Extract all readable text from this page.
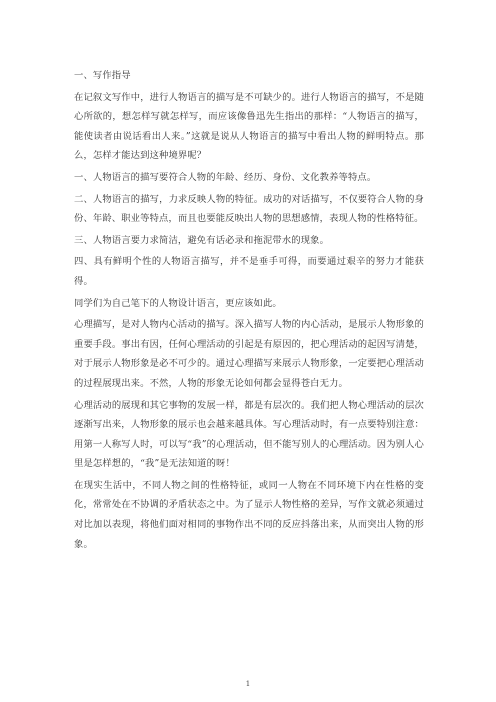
一、写作指导

在记叙文写作中，进行人物语言的描写是不可缺少的。进行人物语言的描写，不是随心所欲的，想怎样写就怎样写，而应该像鲁迅先生指出的那样：“人物语言的描写，能使读者由说话看出人来。”这就是说从人物语言的描写中看出人物的鲜明特点。那么，怎样才能达到这种境界呢？

一、人物语言的描写要符合人物的年龄、经历、身份、文化教养等特点。

二、人物语言的描写，力求反映人物的特征。成功的对话描写，不仅要符合人物的身份、年龄、职业等特点，而且也要能反映出人物的思想感情，表现人物的性格特征。

三、人物语言要力求简洁，避免有话必录和拖泥带水的现象。

四、具有鲜明个性的人物语言描写，并不是垂手可得，而要通过艰辛的努力才能获得。

同学们为自己笔下的人物设计语言，更应该如此。

心理描写，是对人物内心活动的描写。深入描写人物的内心活动，是展示人物形象的重要手段。事出有因，任何心理活动的引起是有原因的，把心理活动的起因写清楚，对于展示人物形象是必不可少的。通过心理描写来展示人物形象，一定要把心理活动的过程展现出来。不然，人物的形象无论如何都会显得苍白无力。

心理活动的展现和其它事物的发展一样，都是有层次的。我们把人物心理活动的层次逐渐写出来，人物形象的展示也会越来越具体。写心理活动时，有一点要特别注意：用第一人称写人时，可以写“我”的心理活动，但不能写别人的心理活动。因为别人心里是怎样想的，“我”是无法知道的呀！

在现实生活中，不同人物之间的性格特征，或同一人物在不同环境下内在性格的变化，常常处在不协调的矛盾状态之中。为了显示人物性格的差异，写作文就必须通过对比加以表现，将他们面对相同的事物作出不同的反应抖落出来，从而突出人物的形象。

1
